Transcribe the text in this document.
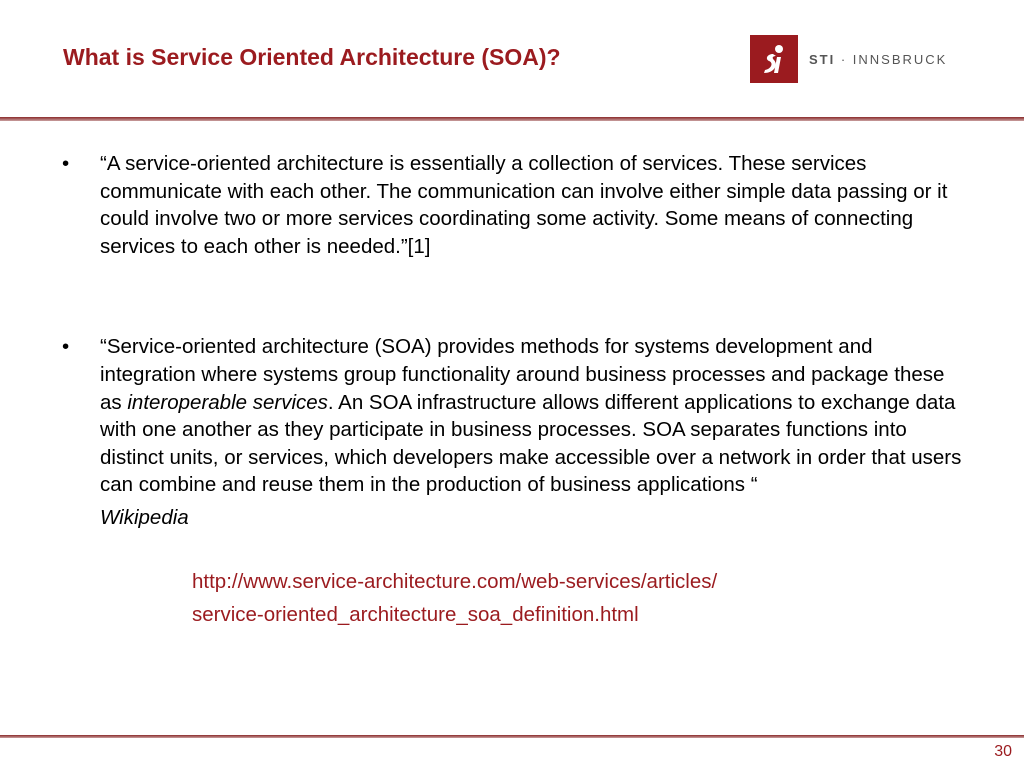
What is Service Oriented Architecture (SOA)?	STI · INNSBRUCK
• “A service-oriented architecture is essentially a collection of services. These services communicate with each other. The communication can involve either simple data passing or it could involve two or more services coordinating some activity. Some means of connecting services to each other is needed.”[1]
• “Service-oriented architecture (SOA) provides methods for systems development and integration where systems group functionality around business processes and package these as interoperable services. An SOA infrastructure allows different applications to exchange data with one another as they participate in business processes. SOA separates functions into distinct units, or services, which developers make accessible over a network in order that users can combine and reuse them in the production of business applications “
Wikipedia
http://www.service-architecture.com/web-services/articles/
service-oriented_architecture_soa_definition.html
30
